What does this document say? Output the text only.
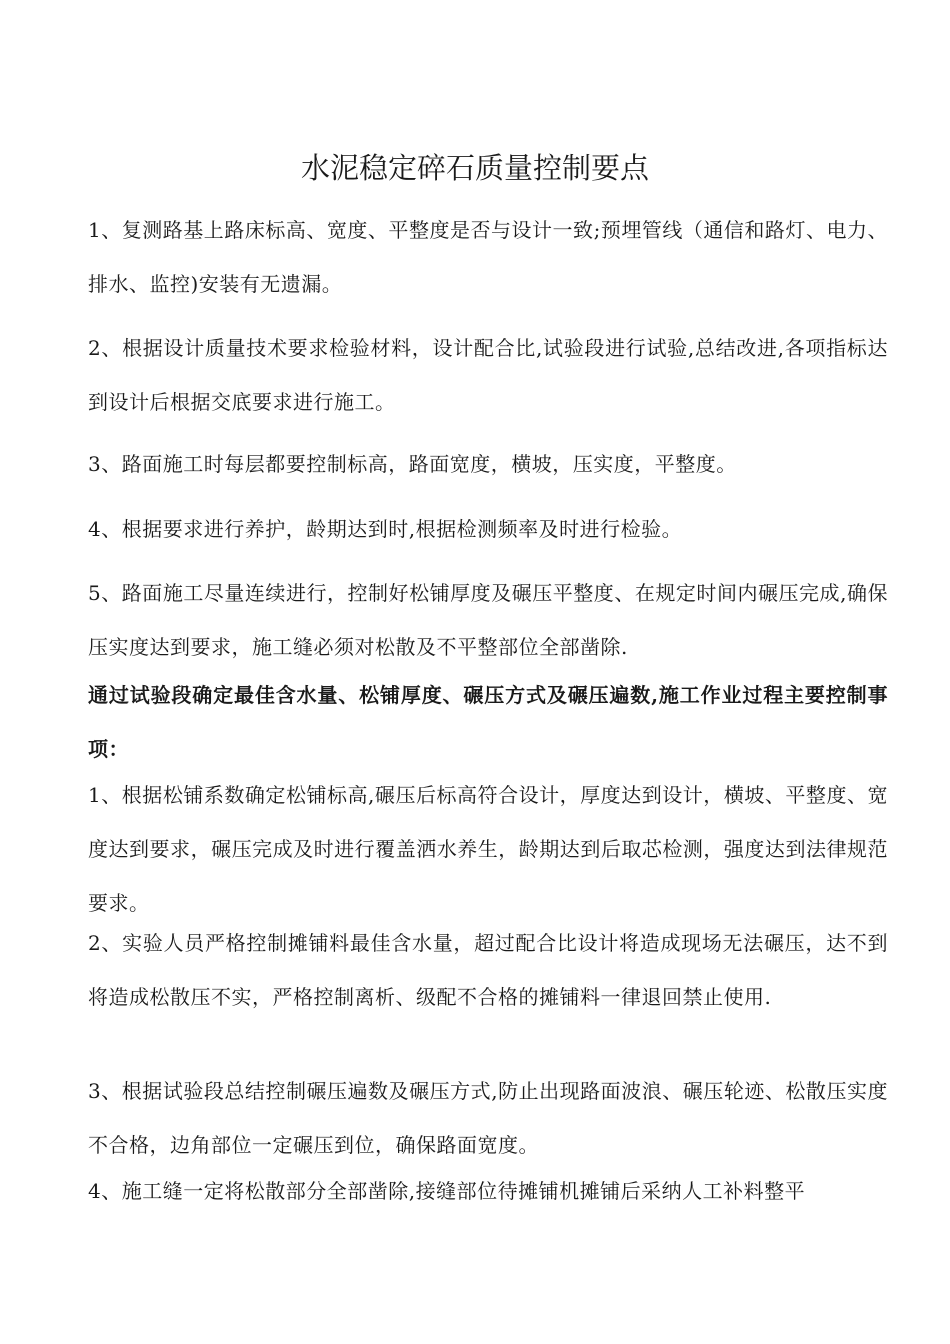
水泥稳定碎石质量控制要点

1、复测路基上路床标高、宽度、平整度是否与设计一致;预埋管线（通信和路灯、电力、排水、监控)安装有无遗漏。

2、根据设计质量技术要求检验材料，设计配合比,试验段进行试验,总结改进,各项指标达到设计后根据交底要求进行施工。

3、路面施工时每层都要控制标高，路面宽度，横坡，压实度，平整度。

4、根据要求进行养护，龄期达到时,根据检测频率及时进行检验。

5、路面施工尽量连续进行，控制好松铺厚度及碾压平整度、在规定时间内碾压完成,确保压实度达到要求，施工缝必须对松散及不平整部位全部凿除.

通过试验段确定最佳含水量、松铺厚度、碾压方式及碾压遍数,施工作业过程主要控制事项：

1、根据松铺系数确定松铺标高,碾压后标高符合设计，厚度达到设计，横坡、平整度、宽度达到要求，碾压完成及时进行覆盖洒水养生，龄期达到后取芯检测，强度达到法律规范要求。

2、实验人员严格控制摊铺料最佳含水量，超过配合比设计将造成现场无法碾压，达不到将造成松散压不实，严格控制离析、级配不合格的摊铺料一律退回禁止使用.

3、根据试验段总结控制碾压遍数及碾压方式,防止出现路面波浪、碾压轮迹、松散压实度不合格，边角部位一定碾压到位，确保路面宽度。

4、施工缝一定将松散部分全部凿除,接缝部位待摊铺机摊铺后采纳人工补料整平
